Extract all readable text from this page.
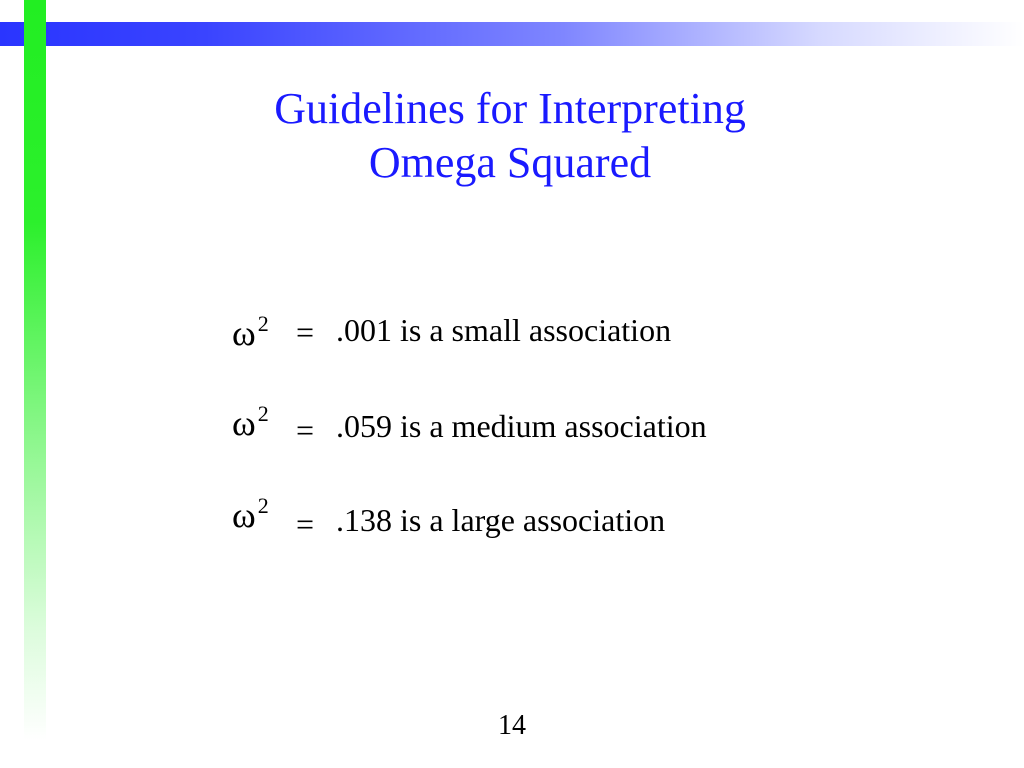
Guidelines for Interpreting
Omega Squared
$\omega^2 = .001$ is a small association
$\omega^2 = .059$ is a medium association
$\omega^2$
= .138 is a large association
14
